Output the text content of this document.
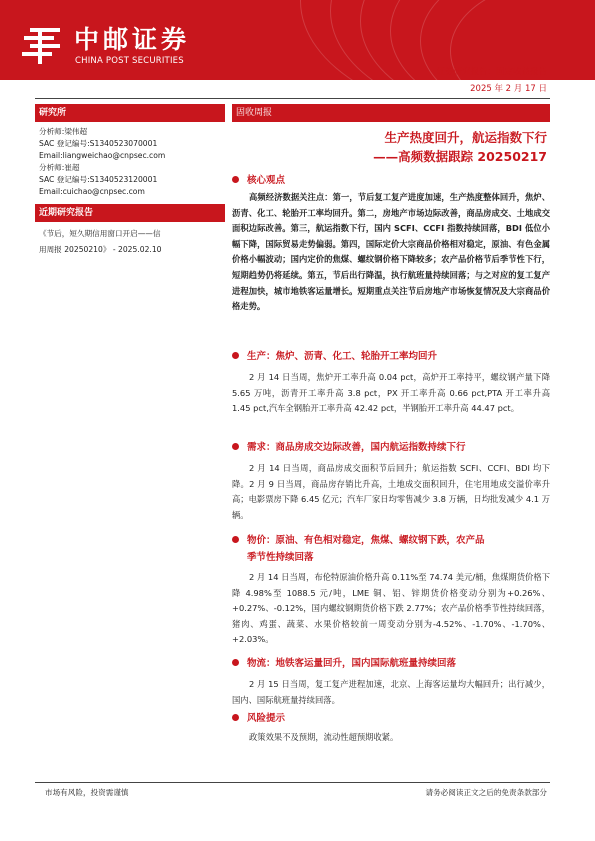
中邮证券
CHINA POST SECURITIES
证券研究报告：固定收益报告
2025 年 2 月 17 日
研究所
分析师:梁伟超
SAC 登记编号:S1340523070001
Email:liangweichao@cnpsec.com
分析师:崔超
SAC 登记编号:S1340523120001
Email:cuichao@cnpsec.com
近期研究报告
《节后，短久期信用窗口开启——信
用周报 20250210》 - 2025.02.10
固收周报
生产热度回升，航运指数下行
——高频数据跟踪 20250217
核心观点
高频经济数据关注点：第一，节后复工复产进度加速，生产热度整体回升，焦炉、沥青、化工、轮胎开工率均回升。第二，房地产市场边际改善，商品房成交、土地成交面积边际改善。第三，航运指数下行，国内 SCFI、CCFI 指数持续回落，BDI 低位小幅下降，国际贸易走势偏弱。第四，国际定价大宗商品价格相对稳定，原油、有色金属价格小幅波动；国内定价的焦煤、螺纹钢价格下降较多；农产品价格节后季节性下行，短期趋势仍将延续。第五，节后出行降温，执行航班量持续回落；与之对应的复工复产进程加快，城市地铁客运量增长。短期重点关注节后房地产市场恢复情况及大宗商品价格走势。
生产：焦炉、沥青、化工、轮胎开工率均回升
2 月 14 日当周，焦炉开工率升高 0.04 pct，高炉开工率持平，螺纹钢产量下降 5.65 万吨，沥青开工率升高 3.8 pct，PX 开工率升高 0.66 pct,PTA 开工率升高 1.45 pct,汽车全钢胎开工率升高 42.42 pct，半钢胎开工率升高 44.47 pct。
需求：商品房成交边际改善，国内航运指数持续下行
2 月 14 日当周，商品房成交面积节后回升；航运指数 SCFI、CCFI、BDI 均下降。2 月 9 日当周，商品房存销比升高，土地成交面积回升，住宅用地成交溢价率升高；电影票房下降 6.45 亿元；汽车厂家日均零售减少 3.8 万辆，日均批发减少 4.1 万辆。
物价：原油、有色相对稳定，焦煤、螺纹钢下跌，农产品
季节性持续回落
2 月 14 日当周，布伦特原油价格升高 0.11%至 74.74 美元/桶，焦煤期货价格下降 4.98%至 1088.5 元/吨，LME 铜、铝、锌期货价格变动分别为+0.26%、+0.27%、-0.12%，国内螺纹钢期货价格下跌 2.77%；农产品价格季节性持续回落，猪肉、鸡蛋、蔬菜、水果价格较前一周变动分别为-4.52%、-1.70%、-1.70%、+2.03%。
物流：地铁客运量回升，国内国际航班量持续回落
2 月 15 日当周，复工复产进程加速，北京、上海客运量均大幅回升；出行减少，国内、国际航班量持续回落。
风险提示
政策效果不及预期，流动性超预期收紧。
市场有风险，投资需谨慎	请务必阅读正文之后的免责条款部分
